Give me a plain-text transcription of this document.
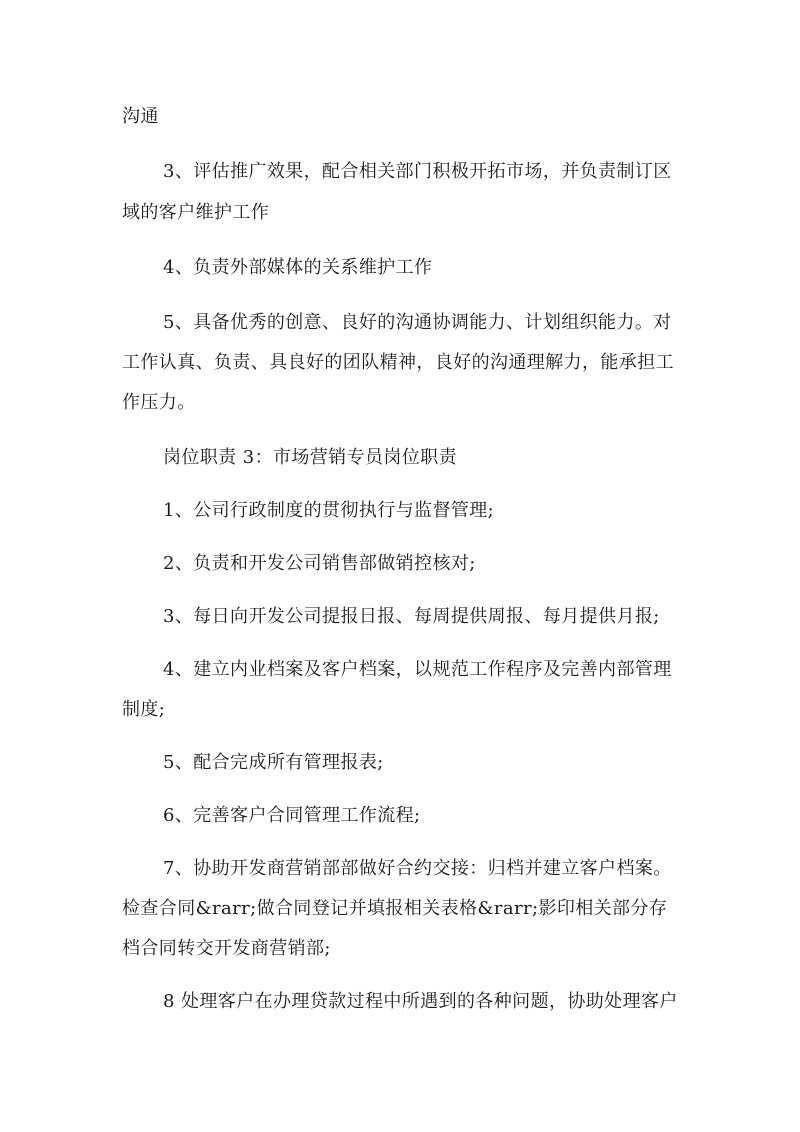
沟通
3、评估推广效果，配合相关部门积极开拓市场，并负责制订区
域的客户维护工作
4、负责外部媒体的关系维护工作
5、具备优秀的创意、良好的沟通协调能力、计划组织能力。对
工作认真、负责、具良好的团队精神，良好的沟通理解力，能承担工
作压力。
岗位职责 3：市场营销专员岗位职责
1、公司行政制度的贯彻执行与监督管理;
2、负责和开发公司销售部做销控核对;
3、每日向开发公司提报日报、每周提供周报、每月提供月报;
4、建立内业档案及客户档案，以规范工作程序及完善内部管理
制度;
5、配合完成所有管理报表;
6、完善客户合同管理工作流程;
7、协助开发商营销部部做好合约交接：归档并建立客户档案。
检查合同&rarr;做合同登记并填报相关表格&rarr;影印相关部分存
档合同转交开发商营销部;
8 处理客户在办理贷款过程中所遇到的各种问题，协助处理客户
